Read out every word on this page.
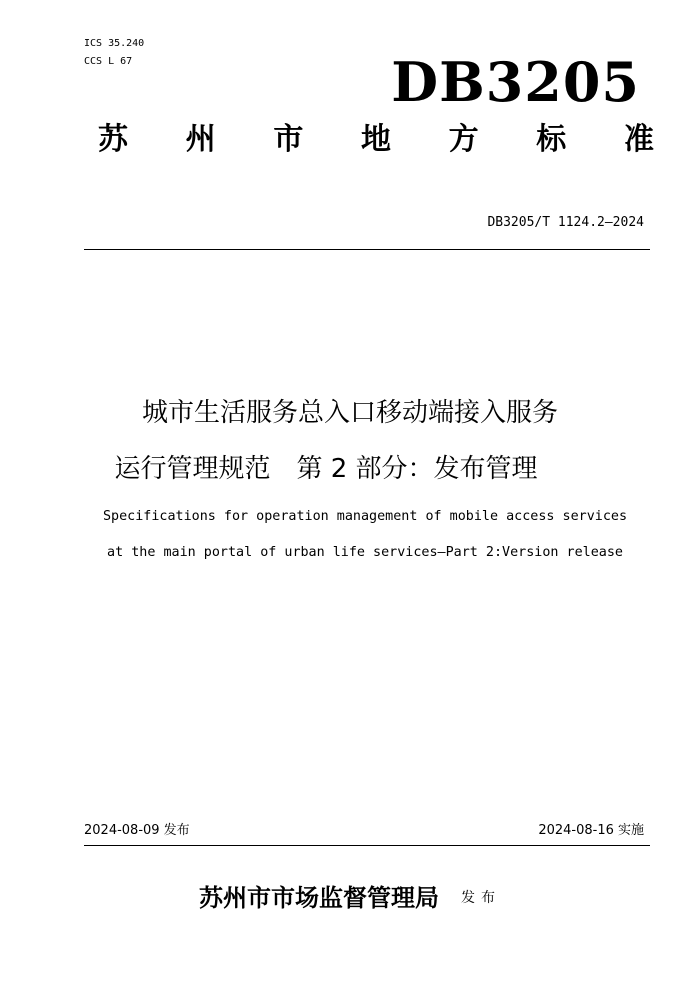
ICS 35.240
CCS L 67	DB3205
苏 州 市 地 方 标 准
DB3205/T 1124.2—2024
城市生活服务总入口移动端接入服务
运行管理规范　第 2 部分：发布管理
Specifications for operation management of mobile access services
at the main portal of urban life services—Part 2:Version release
2024-08-09 发布	2024-08-16 实施
苏州市市场监督管理局 发布
